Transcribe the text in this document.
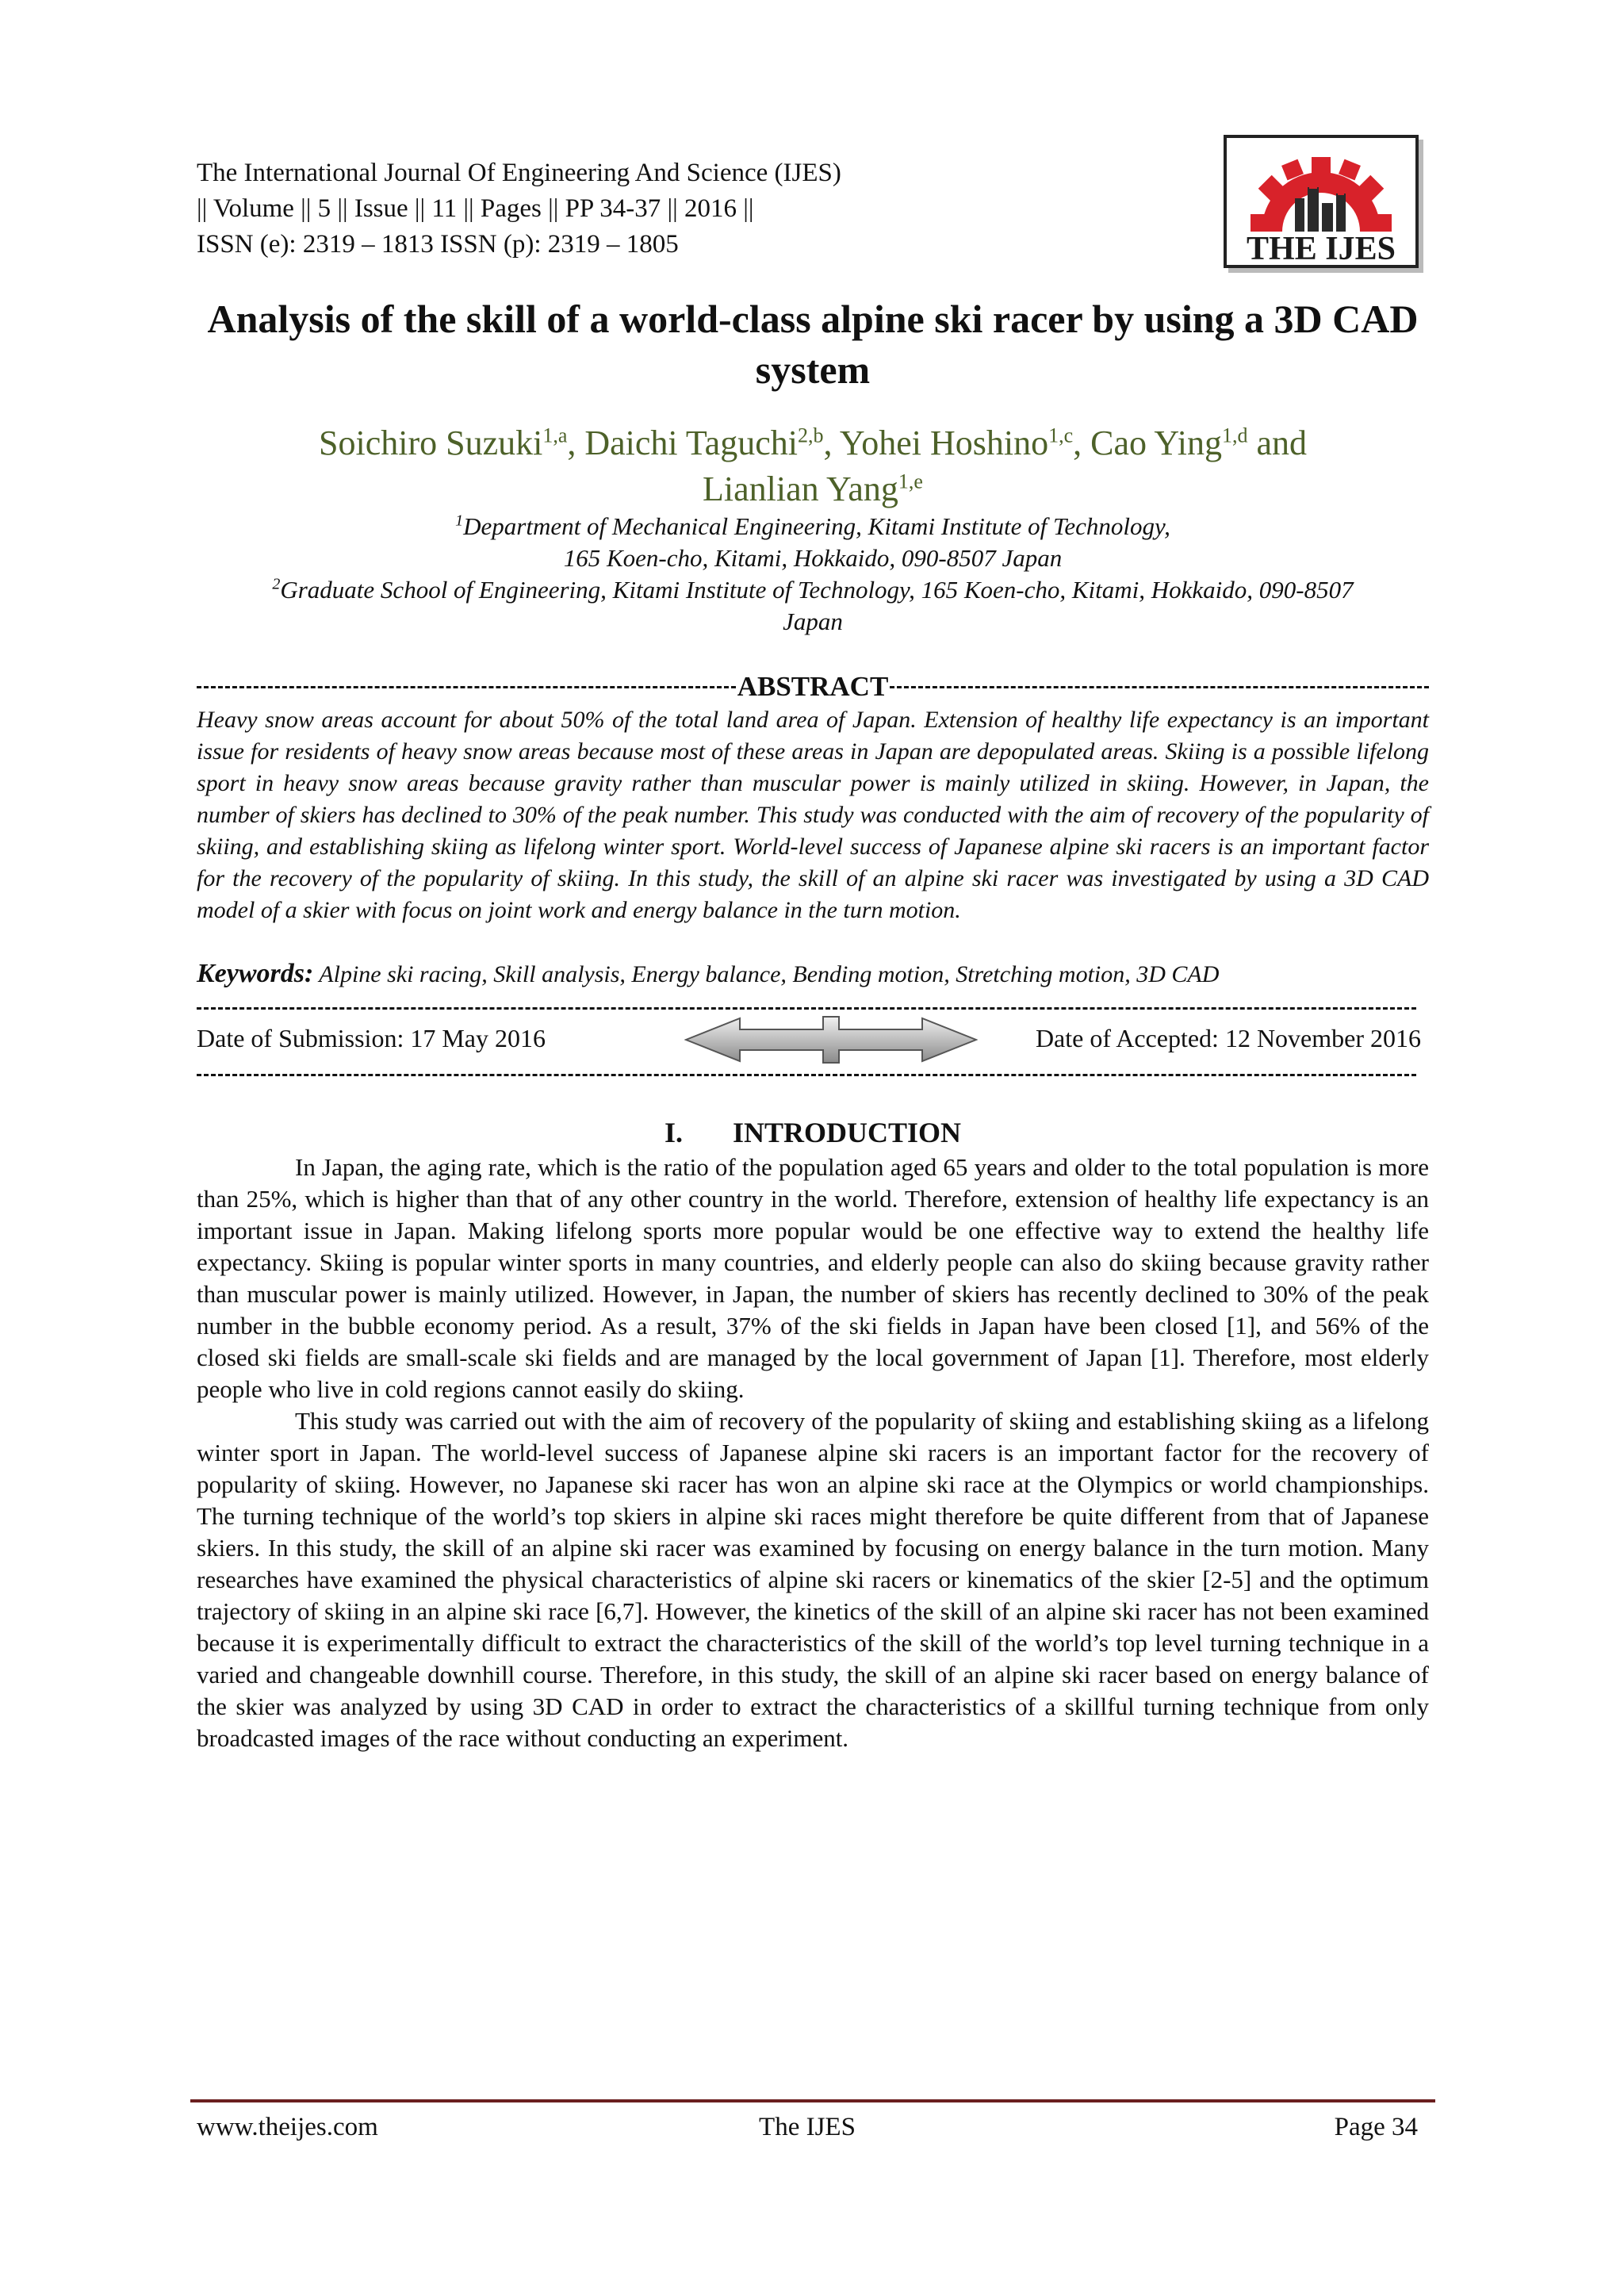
The International Journal Of Engineering And Science (IJES)
|| Volume || 5 || Issue || 11 || Pages || PP 34-37 || 2016 ||
ISSN (e): 2319 – 1813 ISSN (p): 2319 – 1805	THE IJES
Analysis of the skill of a world-class alpine ski racer by using a 3D CAD system
Soichiro Suzuki$^{1,a}$, Daichi Taguchi$^{2,b}$, Yohei Hoshino$^{1,c}$, Cao Ying$^{1,d}$ and
Lianlian Yang$^{1,e}$
$^1$Department of Mechanical Engineering, Kitami Institute of Technology,
165 Koen-cho, Kitami, Hokkaido, 090-8507 Japan
$^2$Graduate School of Engineering, Kitami Institute of Technology, 165 Koen-cho, Kitami, Hokkaido, 090-8507
Japan
ABSTRACT
Heavy snow areas account for about 50% of the total land area of Japan. Extension of healthy life expectancy is an important issue for residents of heavy snow areas because most of these areas in Japan are depopulated areas. Skiing is a possible lifelong sport in heavy snow areas because gravity rather than muscular power is mainly utilized in skiing. However, in Japan, the number of skiers has declined to 30% of the peak number. This study was conducted with the aim of recovery of the popularity of skiing, and establishing skiing as lifelong winter sport. World-level success of Japanese alpine ski racers is an important factor for the recovery of the popularity of skiing. In this study, the skill of an alpine ski racer was investigated by using a 3D CAD model of a skier with focus on joint work and energy balance in the turn motion.
Keywords: Alpine ski racing, Skill analysis, Energy balance, Bending motion, Stretching motion, 3D CAD
Date of Submission: 17 May 2016	Date of Accepted: 12 November 2016
I.       INTRODUCTION

In Japan, the aging rate, which is the ratio of the population aged 65 years and older to the total population is more than 25%, which is higher than that of any other country in the world. Therefore, extension of healthy life expectancy is an important issue in Japan. Making lifelong sports more popular would be one effective way to extend the healthy life expectancy. Skiing is popular winter sports in many countries, and elderly people can also do skiing because gravity rather than muscular power is mainly utilized. However, in Japan, the number of skiers has recently declined to 30% of the peak number in the bubble economy period. As a result, 37% of the ski fields in Japan have been closed [1], and 56% of the closed ski fields are small-scale ski fields and are managed by the local government of Japan [1]. Therefore, most elderly people who live in cold regions cannot easily do skiing.

This study was carried out with the aim of recovery of the popularity of skiing and establishing skiing as a lifelong winter sport in Japan. The world-level success of Japanese alpine ski racers is an important factor for the recovery of popularity of skiing. However, no Japanese ski racer has won an alpine ski race at the Olympics or world championships. The turning technique of the world’s top skiers in alpine ski races might therefore be quite different from that of Japanese skiers. In this study, the skill of an alpine ski racer was examined by focusing on energy balance in the turn motion. Many researches have examined the physical characteristics of alpine ski racers or kinematics of the skier [2-5] and the optimum trajectory of skiing in an alpine ski race [6,7]. However, the kinetics of the skill of an alpine ski racer has not been examined because it is experimentally difficult to extract the characteristics of the skill of the world’s top level turning technique in a varied and changeable downhill course. Therefore, in this study, the skill of an alpine ski racer based on energy balance of the skier was analyzed by using 3D CAD in order to extract the characteristics of a skillful turning technique from only broadcasted images of the race without conducting an experiment.

The IJES
www.theijes.com	Page 34
